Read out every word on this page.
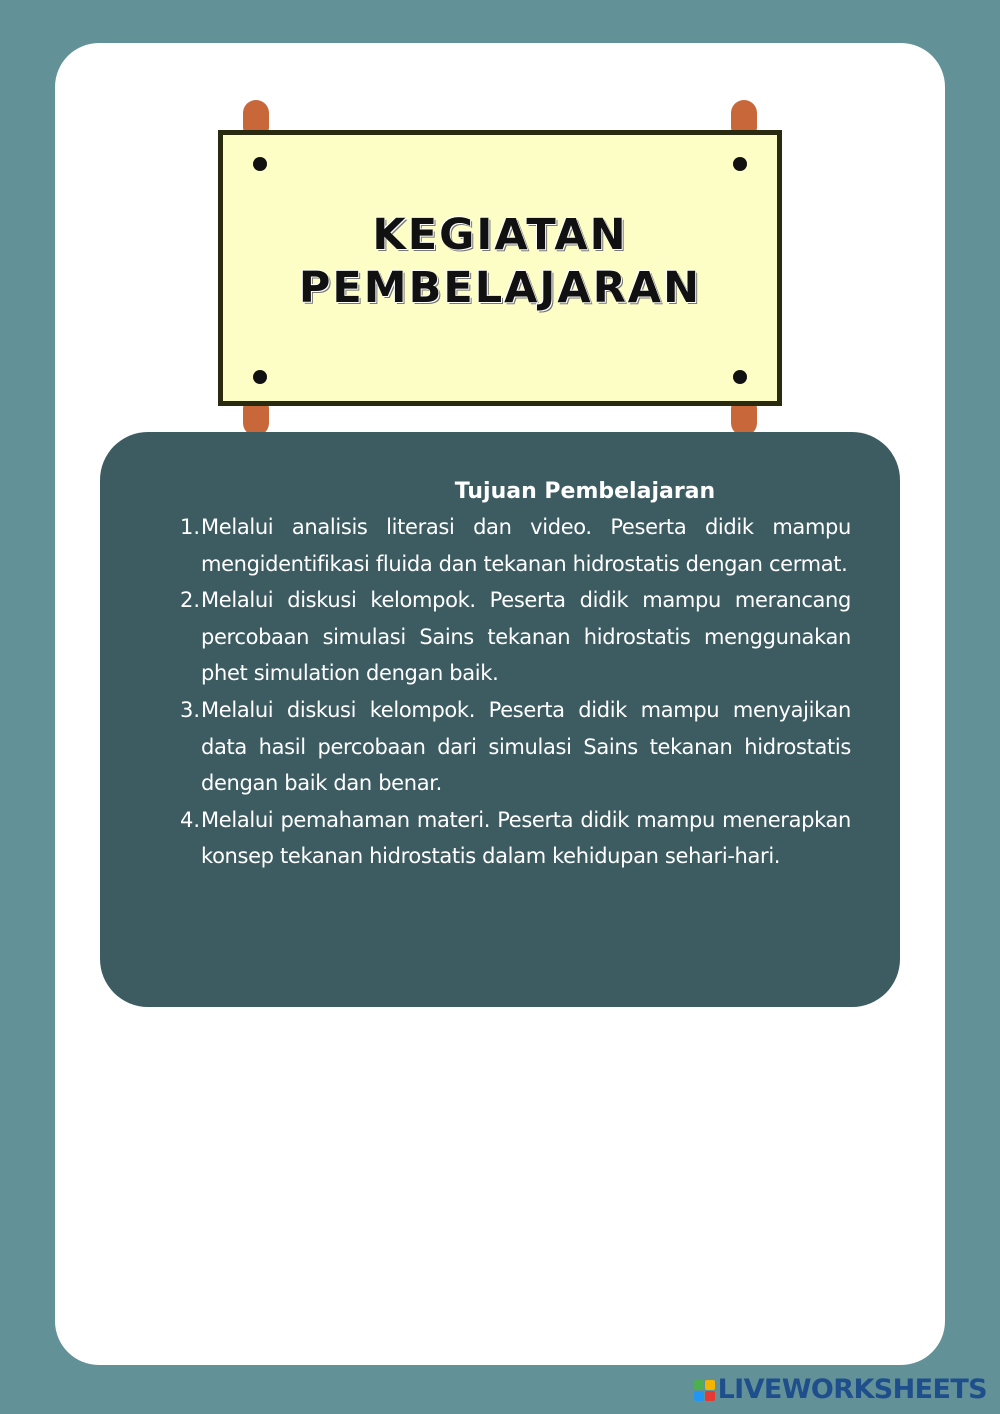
KEGIATAN PEMBELAJARAN
Tujuan Pembelajaran
1. Melalui analisis literasi dan video. Peserta didik mampu mengidentifikasi fluida dan tekanan hidrostatis dengan cermat.
2. Melalui diskusi kelompok. Peserta didik mampu merancang percobaan simulasi Sains tekanan hidrostatis menggunakan phet simulation dengan baik.
3. Melalui diskusi kelompok. Peserta didik mampu menyajikan data hasil percobaan dari simulasi Sains tekanan hidrostatis dengan baik dan benar.
4. Melalui pemahaman materi. Peserta didik mampu menerapkan konsep tekanan hidrostatis dalam kehidupan sehari-hari.
LIVEWORKSHEETS
